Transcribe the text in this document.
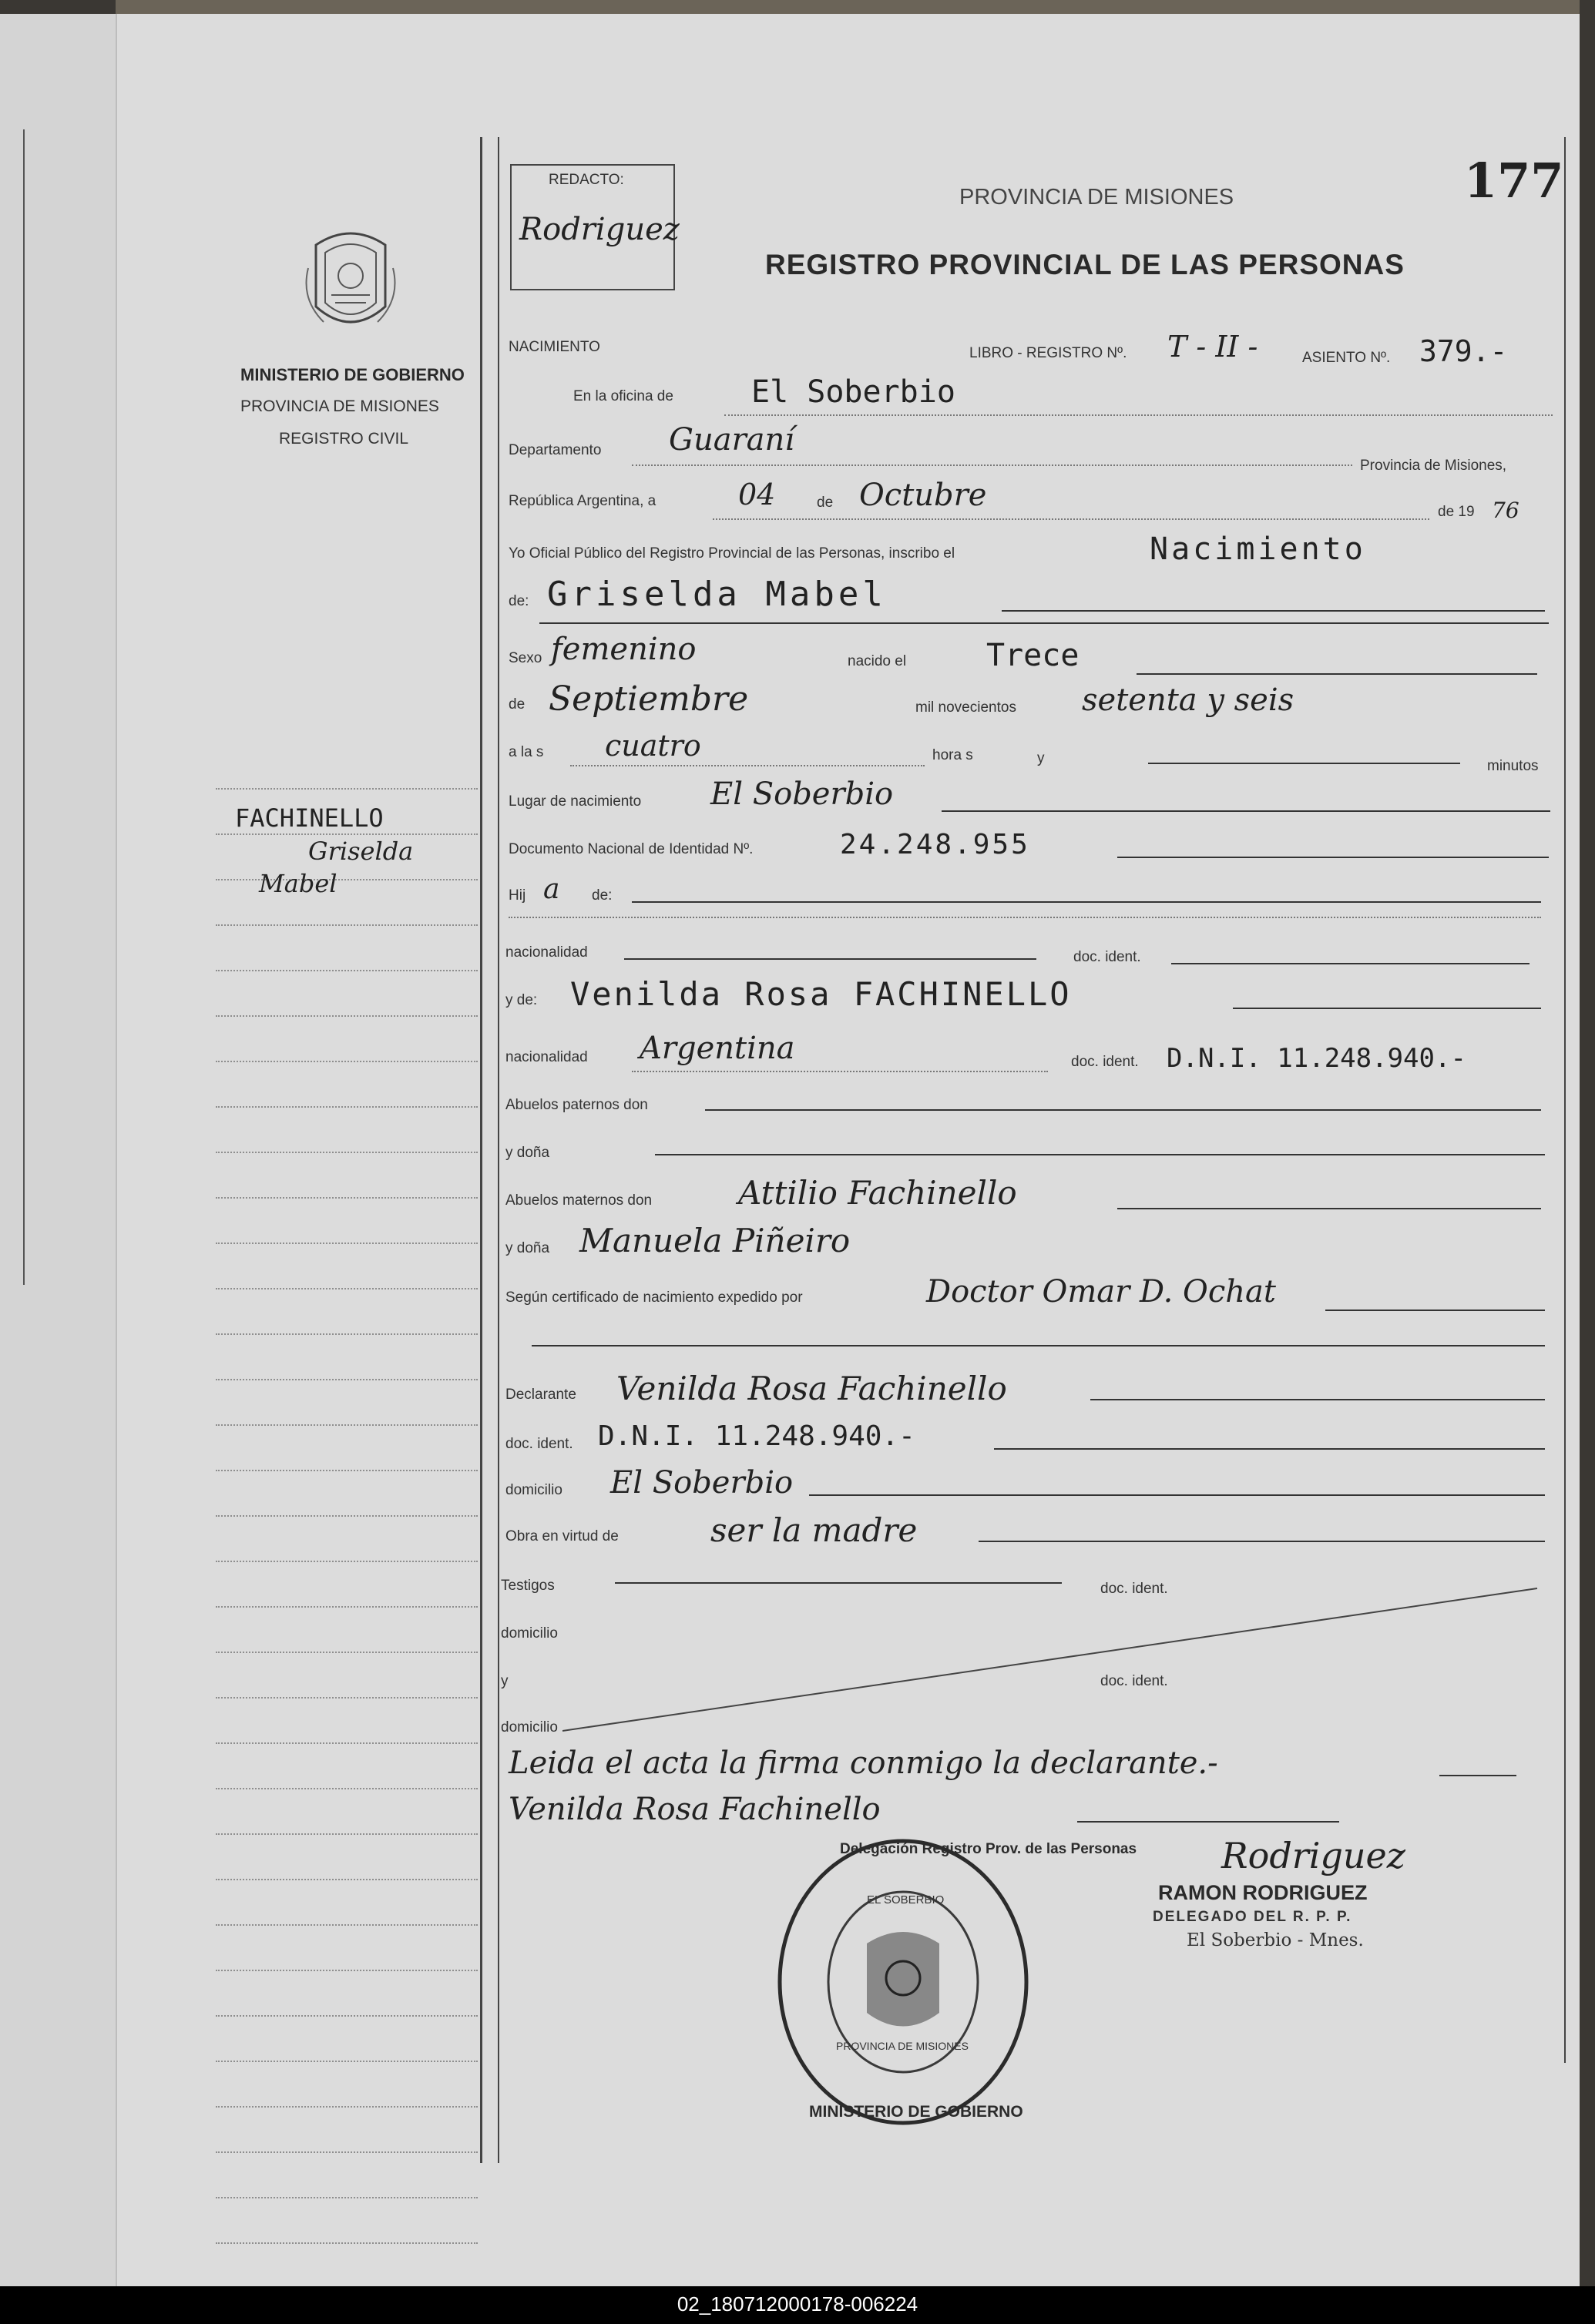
MINISTERIO DE GOBIERNO
PROVINCIA DE MISIONES
REGISTRO CIVIL
FACHINELLO
Griselda
Mabel
REDACTO:
Rodriguez
177
PROVINCIA DE MISIONES
REGISTRO PROVINCIAL DE LAS PERSONAS
NACIMIENTO	LIBRO - REGISTRO Nº. T - II -	ASIENTO Nº. 379.-
En la oficina de	El Soberbio
Departamento Guaraní
Provincia de Misiones,
República Argentina, a	04	de Octubre	de 19 76
Yo Oficial Público del Registro Provincial de las Personas, inscribo el	Nacimiento
de: Griselda Mabel
Sexo femenino	nacido el	Trece
de Septiembre	mil novecientos setenta y seis
a la s cuatro	hora s	y	minutos
Lugar de nacimiento El Soberbio
Documento Nacional de Identidad Nº.	24.248.955
Hij a de:
nacionalidad	doc. ident.
y de: Venilda Rosa FACHINELLO
nacionalidad Argentina	doc. ident. D.N.I. 11.248.940.-
Abuelos paternos don
y doña
Abuelos maternos don	Attilio Fachinello
y doña Manuela Piñeiro
Según certificado de nacimiento expedido por	Doctor Omar D. Ochat
Declarante Venilda Rosa Fachinello
doc. ident. D.N.I. 11.248.940.-
domicilio El Soberbio
Obra en virtud de	ser la madre
Testigos	doc. ident.
domicilio
y	doc. ident.
domicilio
Leida el acta la firma conmigo la declarante.-
Venilda Rosa Fachinello
Delegación Registro Prov. de las Personas
EL SOBERBIO
PROVINCIA DE MISIONES
MINISTERIO DE GOBIERNO
Rodriguez
RAMON RODRIGUEZ
DELEGADO DEL R. P. P.
El Soberbio - Mnes.
02_180712000178-006224
